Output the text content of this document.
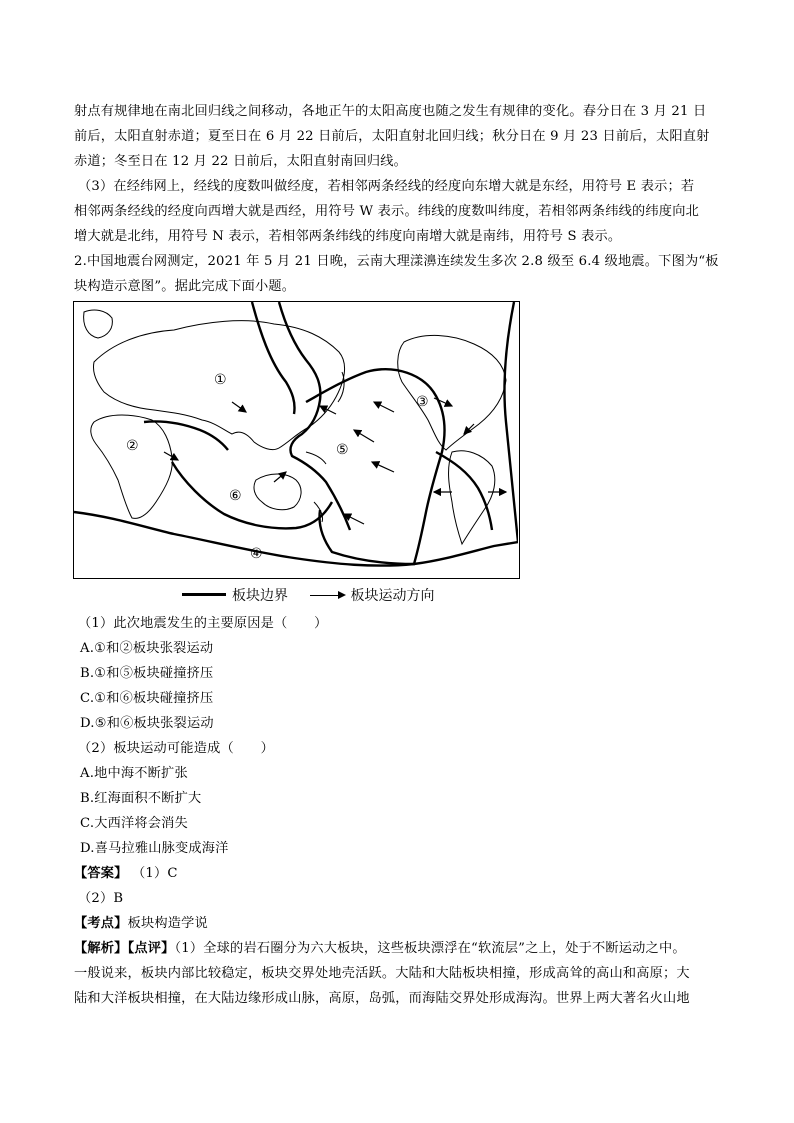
射点有规律地在南北回归线之间移动，各地正午的太阳高度也随之发生有规律的变化。春分日在 3 月 21 日
前后，太阳直射赤道；夏至日在 6 月 22 日前后，太阳直射北回归线；秋分日在 9 月 23 日前后，太阳直射
赤道；冬至日在 12 月 22 日前后，太阳直射南回归线。
（3）在经纬网上，经线的度数叫做经度，若相邻两条经线的经度向东增大就是东经，用符号 E 表示；若
相邻两条经线的经度向西增大就是西经，用符号 W 表示。纬线的度数叫纬度，若相邻两条纬线的纬度向北
增大就是北纬，用符号 N 表示，若相邻两条纬线的纬度向南增大就是南纬，用符号 S 表示。
2.中国地震台网测定，2021 年 5 月 21 日晚，云南大理漾濞连续发生多次 2.8 级至 6.4 级地震。下图为“板
块构造示意图”。据此完成下面小题。
①
②
③
④
⑤
⑥
板块边界
	板块运动方向
（1）此次地震发生的主要原因是（　　）
A.①和②板块张裂运动
B.①和⑤板块碰撞挤压
C.①和⑥板块碰撞挤压
D.⑤和⑥板块张裂运动
（2）板块运动可能造成（　　）
A.地中海不断扩张
B.红海面积不断扩大
C.大西洋将会消失
D.喜马拉雅山脉变成海洋
【答案】 （1）C
（2）B
【考点】板块构造学说
【解析】【点评】（1）全球的岩石圈分为六大板块，这些板块漂浮在“软流层”之上，处于不断运动之中。
一般说来，板块内部比较稳定，板块交界处地壳活跃。大陆和大陆板块相撞，形成高耸的高山和高原；大
陆和大洋板块相撞，在大陆边缘形成山脉，高原，岛弧，而海陆交界处形成海沟。世界上两大著名火山地
